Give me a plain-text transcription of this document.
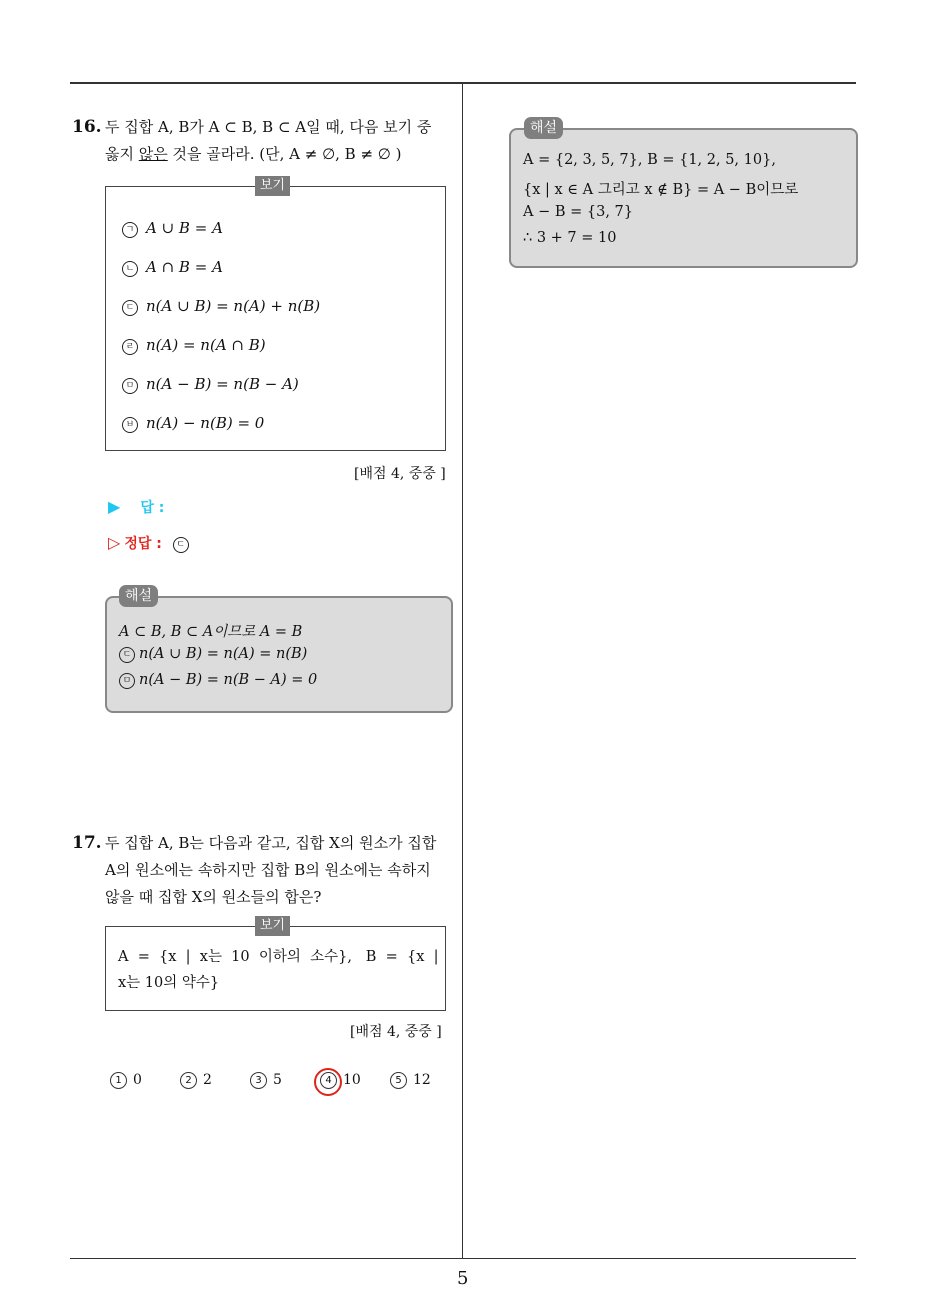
16. 두 집합 A, B가 A ⊂ B, B ⊂ A일 때, 다음 보기 중
옳지 않은 것을 골라라. (단, A ≠ ∅, B ≠ ∅ )
ㄱ A ∪ B = A
ㄴ A ∩ B = A
ㄷ n(A ∪ B) = n(A) + n(B)
ㄹ n(A) = n(A ∩ B)
ㅁ n(A − B) = n(B − A)
ㅂ n(A) − n(B) = 0
보기
[배점 4, 중중 ]
▶ 답 :
▷ 정답 : ㄷ
A ⊂ B, B ⊂ A이므로 A = B
ㄷ n(A ∪ B) = n(A) = n(B)
ㅁ n(A − B) = n(B − A) = 0
해설
17. 두 집합 A, B는 다음과 같고, 집합 X의 원소가 집합
A의 원소에는 속하지만 집합 B의 원소에는 속하지
않을 때 집합 X의 원소들의 합은?
A  =  {x  |  x는  10  이하의  소수},   B  =  {x  |
x는 10의 약수}
보기
[배점 4, 중중 ]
1 0	2 2	3 5	4 10	5 12
A = {2, 3, 5, 7}, B = {1, 2, 5, 10},
{x | x ∈ A 그리고 x ∉ B} = A − B이므로
A − B = {3, 7}
∴ 3 + 7 = 10
해설
5
